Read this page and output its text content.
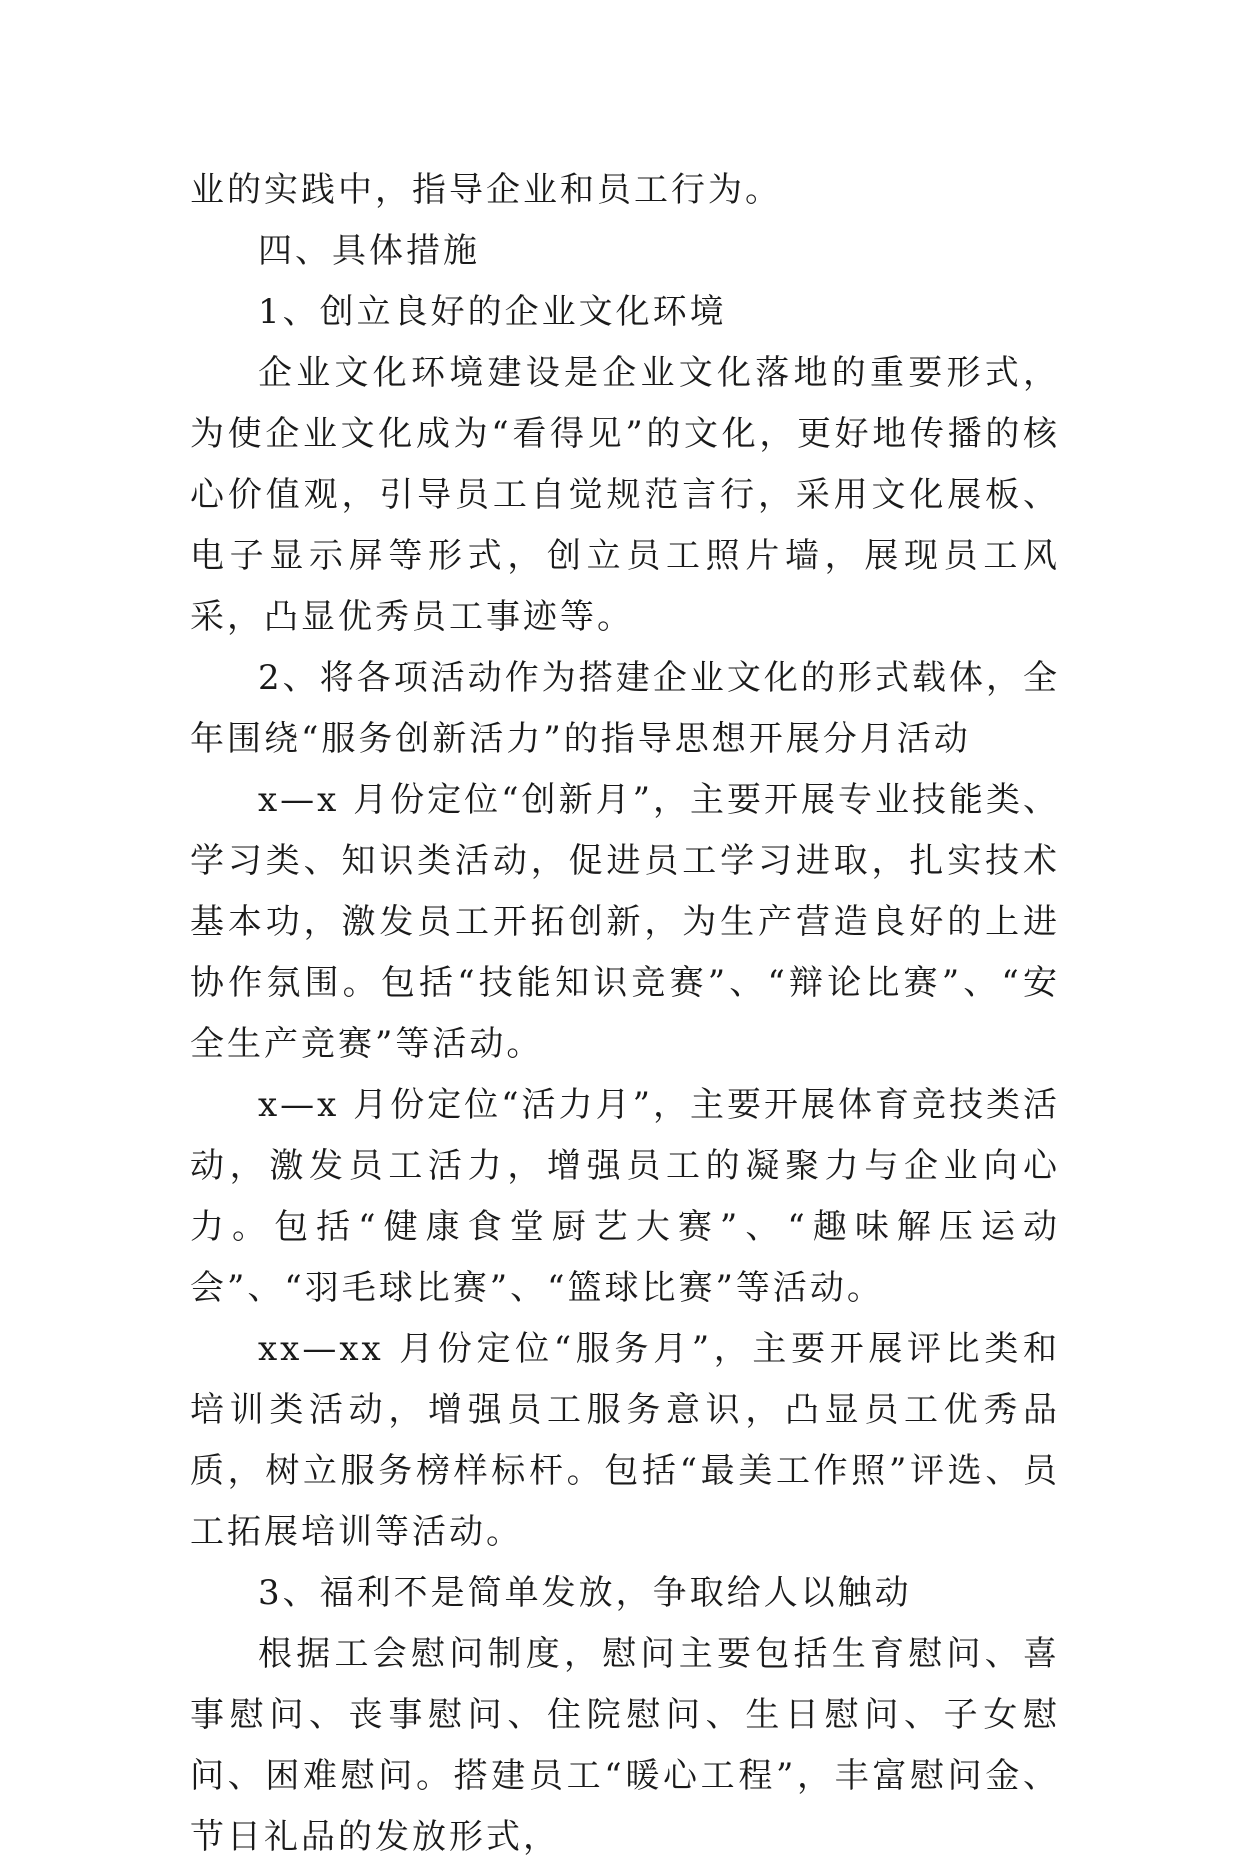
业的实践中，指导企业和员工行为。

四、具体措施

1、创立良好的企业文化环境

企业文化环境建设是企业文化落地的重要形式，为使企业文化成为“看得见”的文化，更好地传播的核心价值观，引导员工自觉规范言行，采用文化展板、电子显示屏等形式，创立员工照片墙，展现员工风采，凸显优秀员工事迹等。

2、将各项活动作为搭建企业文化的形式载体，全年围绕“服务创新活力”的指导思想开展分月活动

x—x 月份定位“创新月”，主要开展专业技能类、学习类、知识类活动，促进员工学习进取，扎实技术基本功，激发员工开拓创新，为生产营造良好的上进协作氛围。包括“技能知识竞赛”、“辩论比赛”、“安全生产竞赛”等活动。

x—x 月份定位“活力月”，主要开展体育竞技类活动，激发员工活力，增强员工的凝聚力与企业向心力。包括“健康食堂厨艺大赛”、“趣味解压运动会”、“羽毛球比赛”、“篮球比赛”等活动。

xx—xx 月份定位“服务月”，主要开展评比类和培训类活动，增强员工服务意识，凸显员工优秀品质，树立服务榜样标杆。包括“最美工作照”评选、员工拓展培训等活动。

3、福利不是简单发放，争取给人以触动

根据工会慰问制度，慰问主要包括生育慰问、喜事慰问、丧事慰问、住院慰问、生日慰问、子女慰问、困难慰问。搭建员工“暖心工程”，丰富慰问金、节日礼品的发放形式，
